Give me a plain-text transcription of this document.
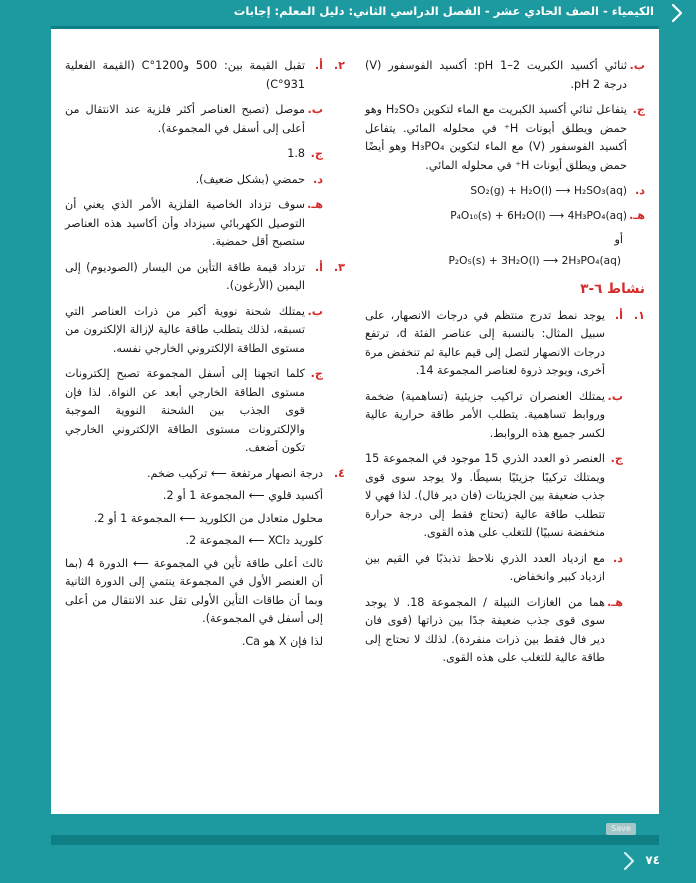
الكيمياء - الصف الحادي عشر - الفصل الدراسي الثاني: دليل المعلم: إجابات
ب.
ثنائي أكسيد الكبريت pH 1–2: أكسيد الفوسفور (V) درجة pH 2.
ج.
يتفاعل ثنائي أكسيد الكبريت مع الماء لتكوين H₂SO₃ وهو حمض ويطلق أيونات H⁺ في محلوله المائي. يتفاعل أكسيد الفوسفور (V) مع الماء لتكوين H₃PO₄ وهو أيضًا حمض ويطلق أيونات H⁺ في محلوله المائي.
د.
SO₂(g) + H₂O(l) ⟶ H₂SO₃(aq)
هـ.
P₄O₁₀(s) + 6H₂O(l) ⟶ 4H₃PO₄(aq)
أو
P₂O₅(s) + 3H₂O(l) ⟶ 2H₃PO₄(aq)
نشاط ٦-٣
١.
أ.
يوجد نمط تدرج منتظم في درجات الانصهار، على سبيل المثال: بالنسبة إلى عناصر الفئة d، ترتفع درجات الانصهار لتصل إلى قيم عالية ثم تنخفض مرة أخرى، ويوجد ذروة لعناصر المجموعة 14.
ب.
يمتلك العنصران تراكيب جزيئية (تساهمية) ضخمة وروابط تساهمية. يتطلب الأمر طاقة حرارية عالية لكسر جميع هذه الروابط.
ج.
العنصر ذو العدد الذري 15 موجود في المجموعة 15 ويمتلك تركيبًا جزيئيًا بسيطًا. ولا يوجد سوى قوى جذب ضعيفة بين الجزيئات (فان دير فال). لذا فهي لا تتطلب طاقة عالية (تحتاج فقط إلى درجة حرارة منخفضة نسبيًا) للتغلب على هذه القوى.
د.
مع ازدياد العدد الذري نلاحظ تذبذبًا في القيم بين ازدياد كبير وانخفاض.
هـ.
هما من الغازات النبيلة / المجموعة 18. لا يوجد سوى قوى جذب ضعيفة جدًا بين ذراتها (قوى فان دير فال فقط بين ذرات منفردة). لذلك لا تحتاج إلى طاقة عالية للتغلب على هذه القوى.
٢.
أ.
تقبل القيمة بين: 500 و1200°C (القيمة الفعلية 931°C)
ب.
موصل (تصبح العناصر أكثر فلزية عند الانتقال من أعلى إلى أسفل في المجموعة).
ج.
1.8
د.
حمضي (بشكل ضعيف).
هـ.
سوف تزداد الخاصية الفلزية الأمر الذي يعني أن التوصيل الكهربائي سيزداد وأن أكاسيد هذه العناصر ستصبح أقل حمضية.
٣.
أ.
تزداد قيمة طاقة التأين من اليسار (الصوديوم) إلى اليمين (الأرغون).
ب.
يمتلك شحنة نووية أكبر من ذرات العناصر التي تسبقه، لذلك يتطلب طاقة عالية لإزالة الإلكترون من مستوى الطاقة الإلكتروني الخارجي نفسه.
ج.
كلما اتجهنا إلى أسفل المجموعة تصبح إلكترونات مستوى الطاقة الخارجي أبعد عن النواة. لذا فإن قوى الجذب بين الشحنة النووية الموجبة والإلكترونات مستوى الطاقة الإلكتروني الخارجي تكون أضعف.
٤.
درجة انصهار مرتفعة ⟵ تركيب ضخم.
أكسيد قلوي ⟵ المجموعة 1 أو 2.
محلول متعادل من الكلوريد ⟵ المجموعة 1 أو 2.
كلوريد XCl₂ ⟵ المجموعة 2.
ثالث أعلى طاقة تأين في المجموعة ⟵ الدورة 4 (بما أن العنصر الأول في المجموعة ينتمي إلى الدورة الثانية وبما أن طاقات التأين الأولى تقل عند الانتقال من أعلى إلى أسفل في المجموعة).
لذا فإن X هو Ca.
Save
٧٤
